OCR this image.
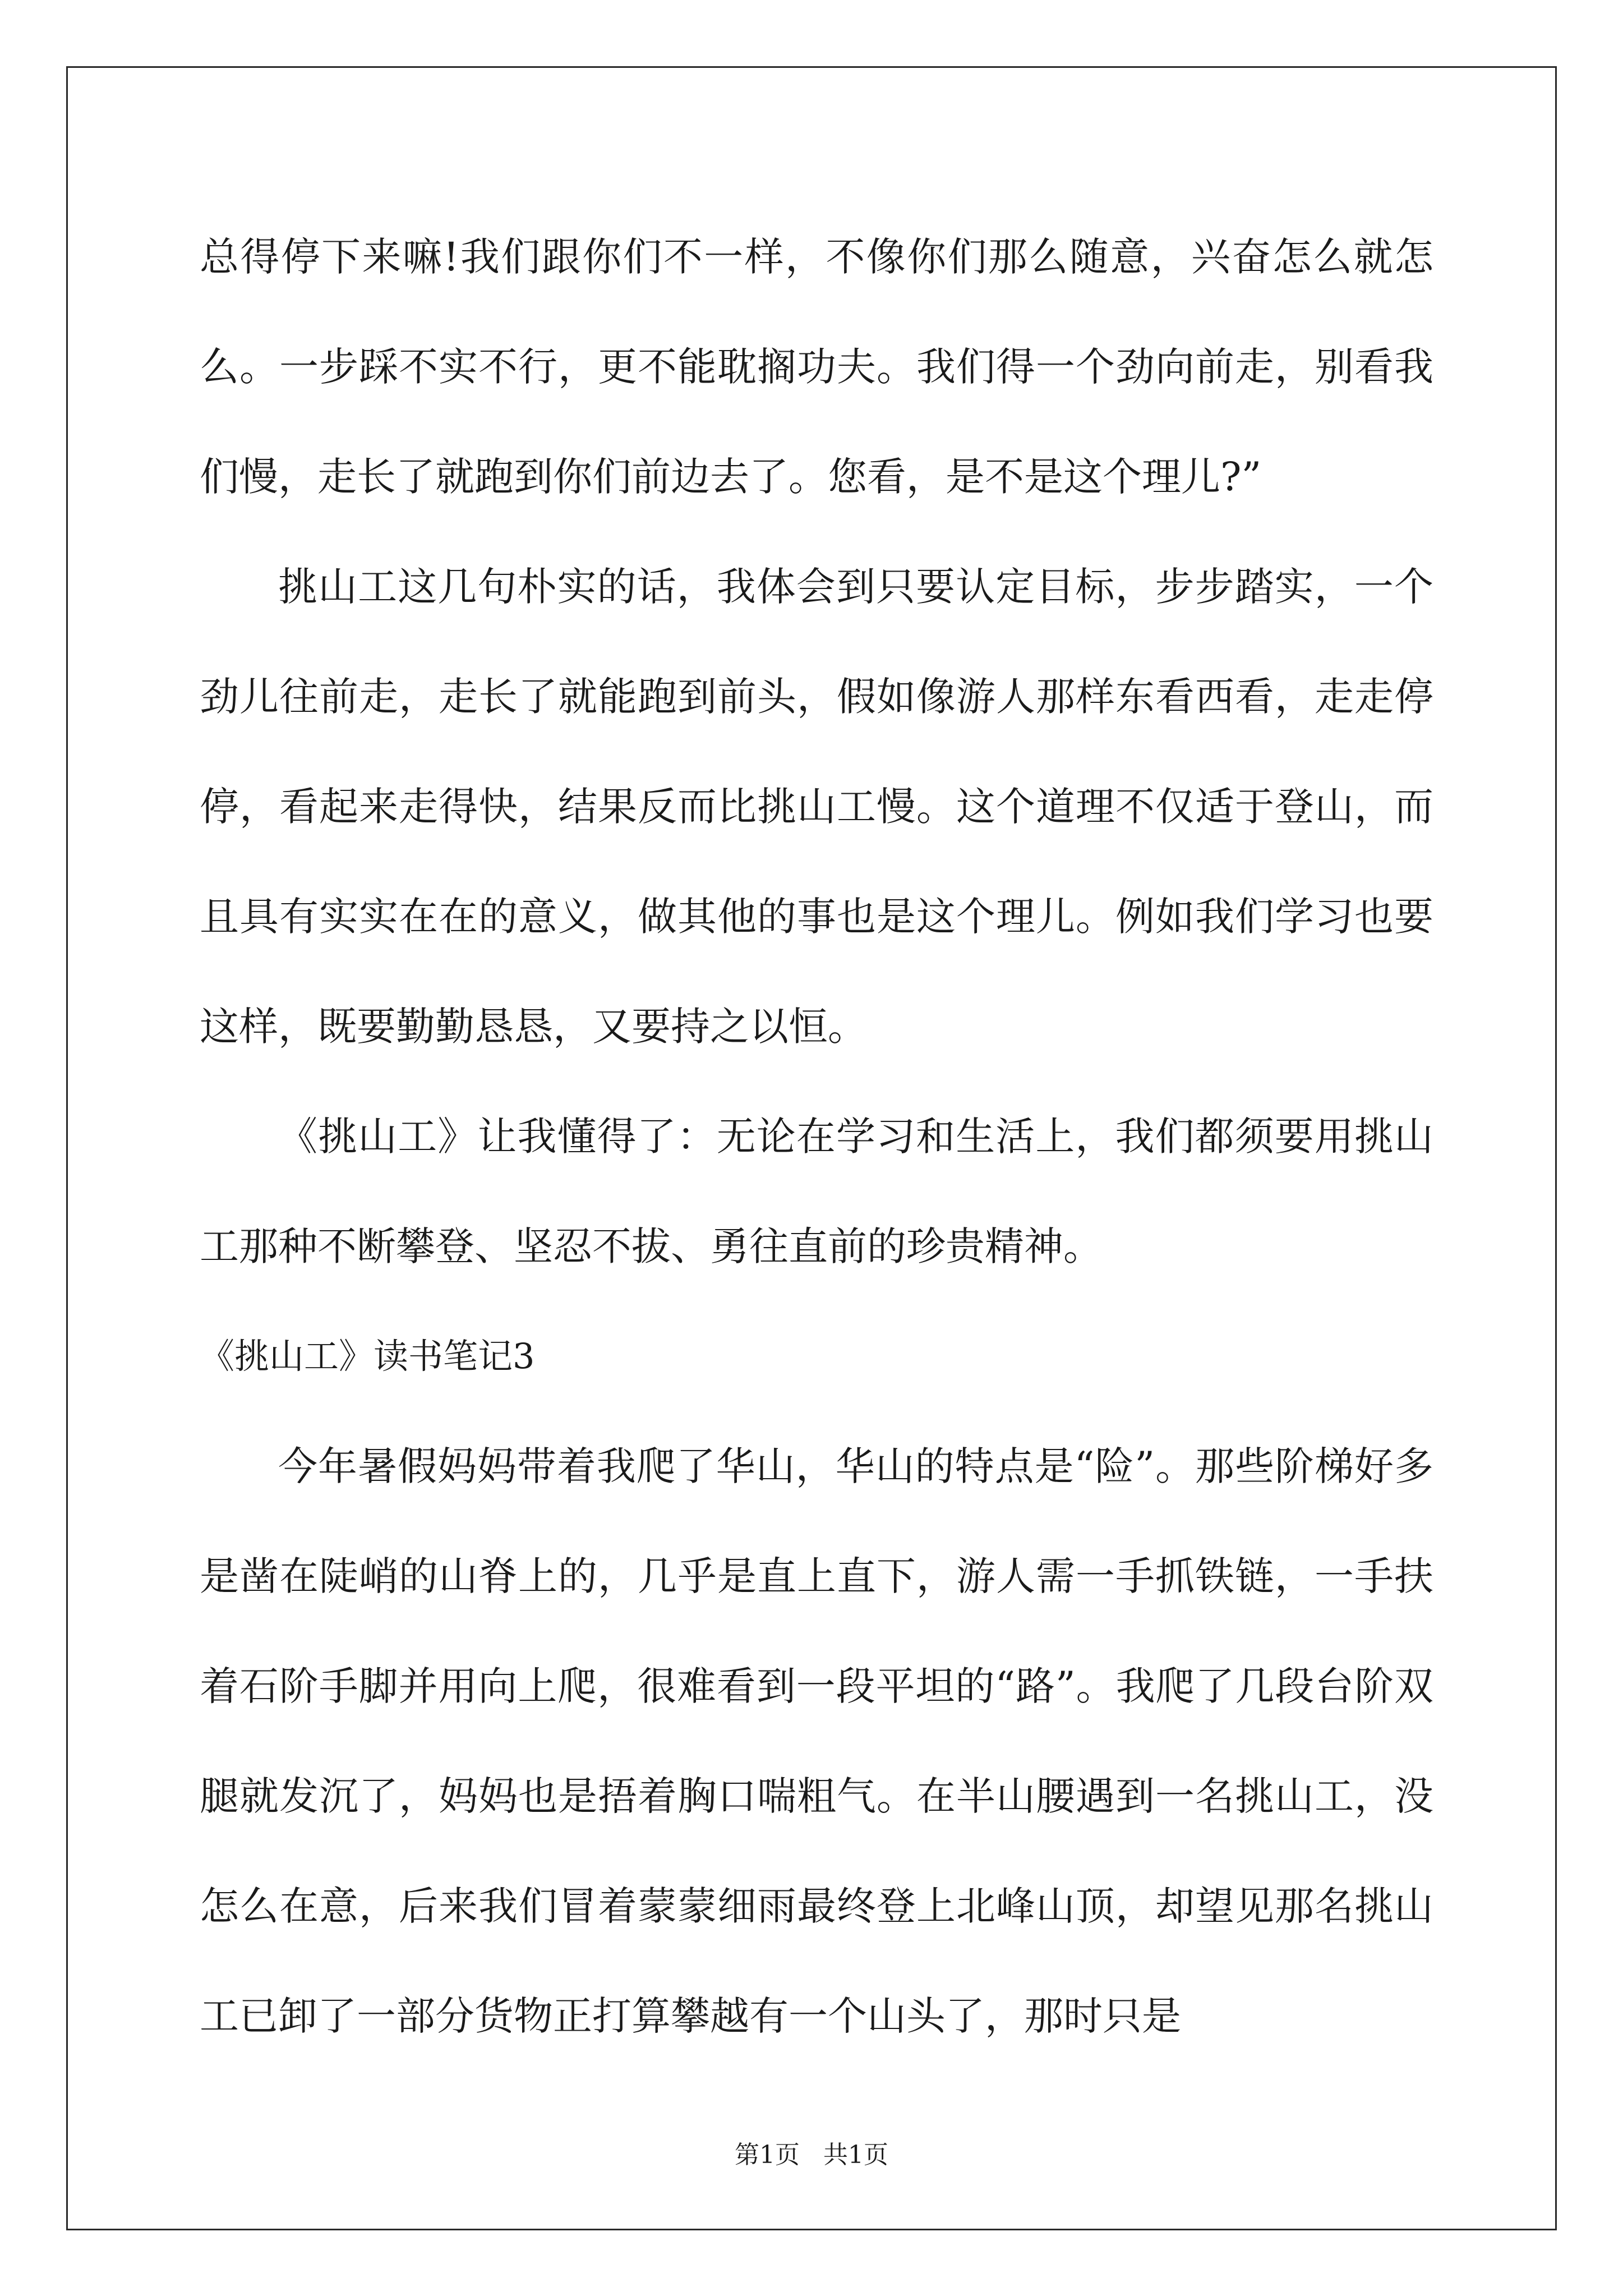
总得停下来嘛!我们跟你们不一样，不像你们那么随意，兴奋怎么就怎么。一步踩不实不行，更不能耽搁功夫。我们得一个劲向前走，别看我们慢，走长了就跑到你们前边去了。您看，是不是这个理儿?”

挑山工这几句朴实的话，我体会到只要认定目标，步步踏实，一个劲儿往前走，走长了就能跑到前头，假如像游人那样东看西看，走走停停，看起来走得快，结果反而比挑山工慢。这个道理不仅适于登山，而且具有实实在在的意义，做其他的事也是这个理儿。例如我们学习也要这样，既要勤勤恳恳，又要持之以恒。

《挑山工》让我懂得了：无论在学习和生活上，我们都须要用挑山工那种不断攀登、坚忍不拔、勇往直前的珍贵精神。

《挑山工》读书笔记3

今年暑假妈妈带着我爬了华山，华山的特点是“险”。那些阶梯好多是凿在陡峭的山脊上的，几乎是直上直下，游人需一手抓铁链，一手扶着石阶手脚并用向上爬，很难看到一段平坦的“路”。我爬了几段台阶双腿就发沉了，妈妈也是捂着胸口喘粗气。在半山腰遇到一名挑山工，没怎么在意，后来我们冒着蒙蒙细雨最终登上北峰山顶，却望见那名挑山工已卸了一部分货物正打算攀越有一个山头了，那时只是

第1页 共1页
